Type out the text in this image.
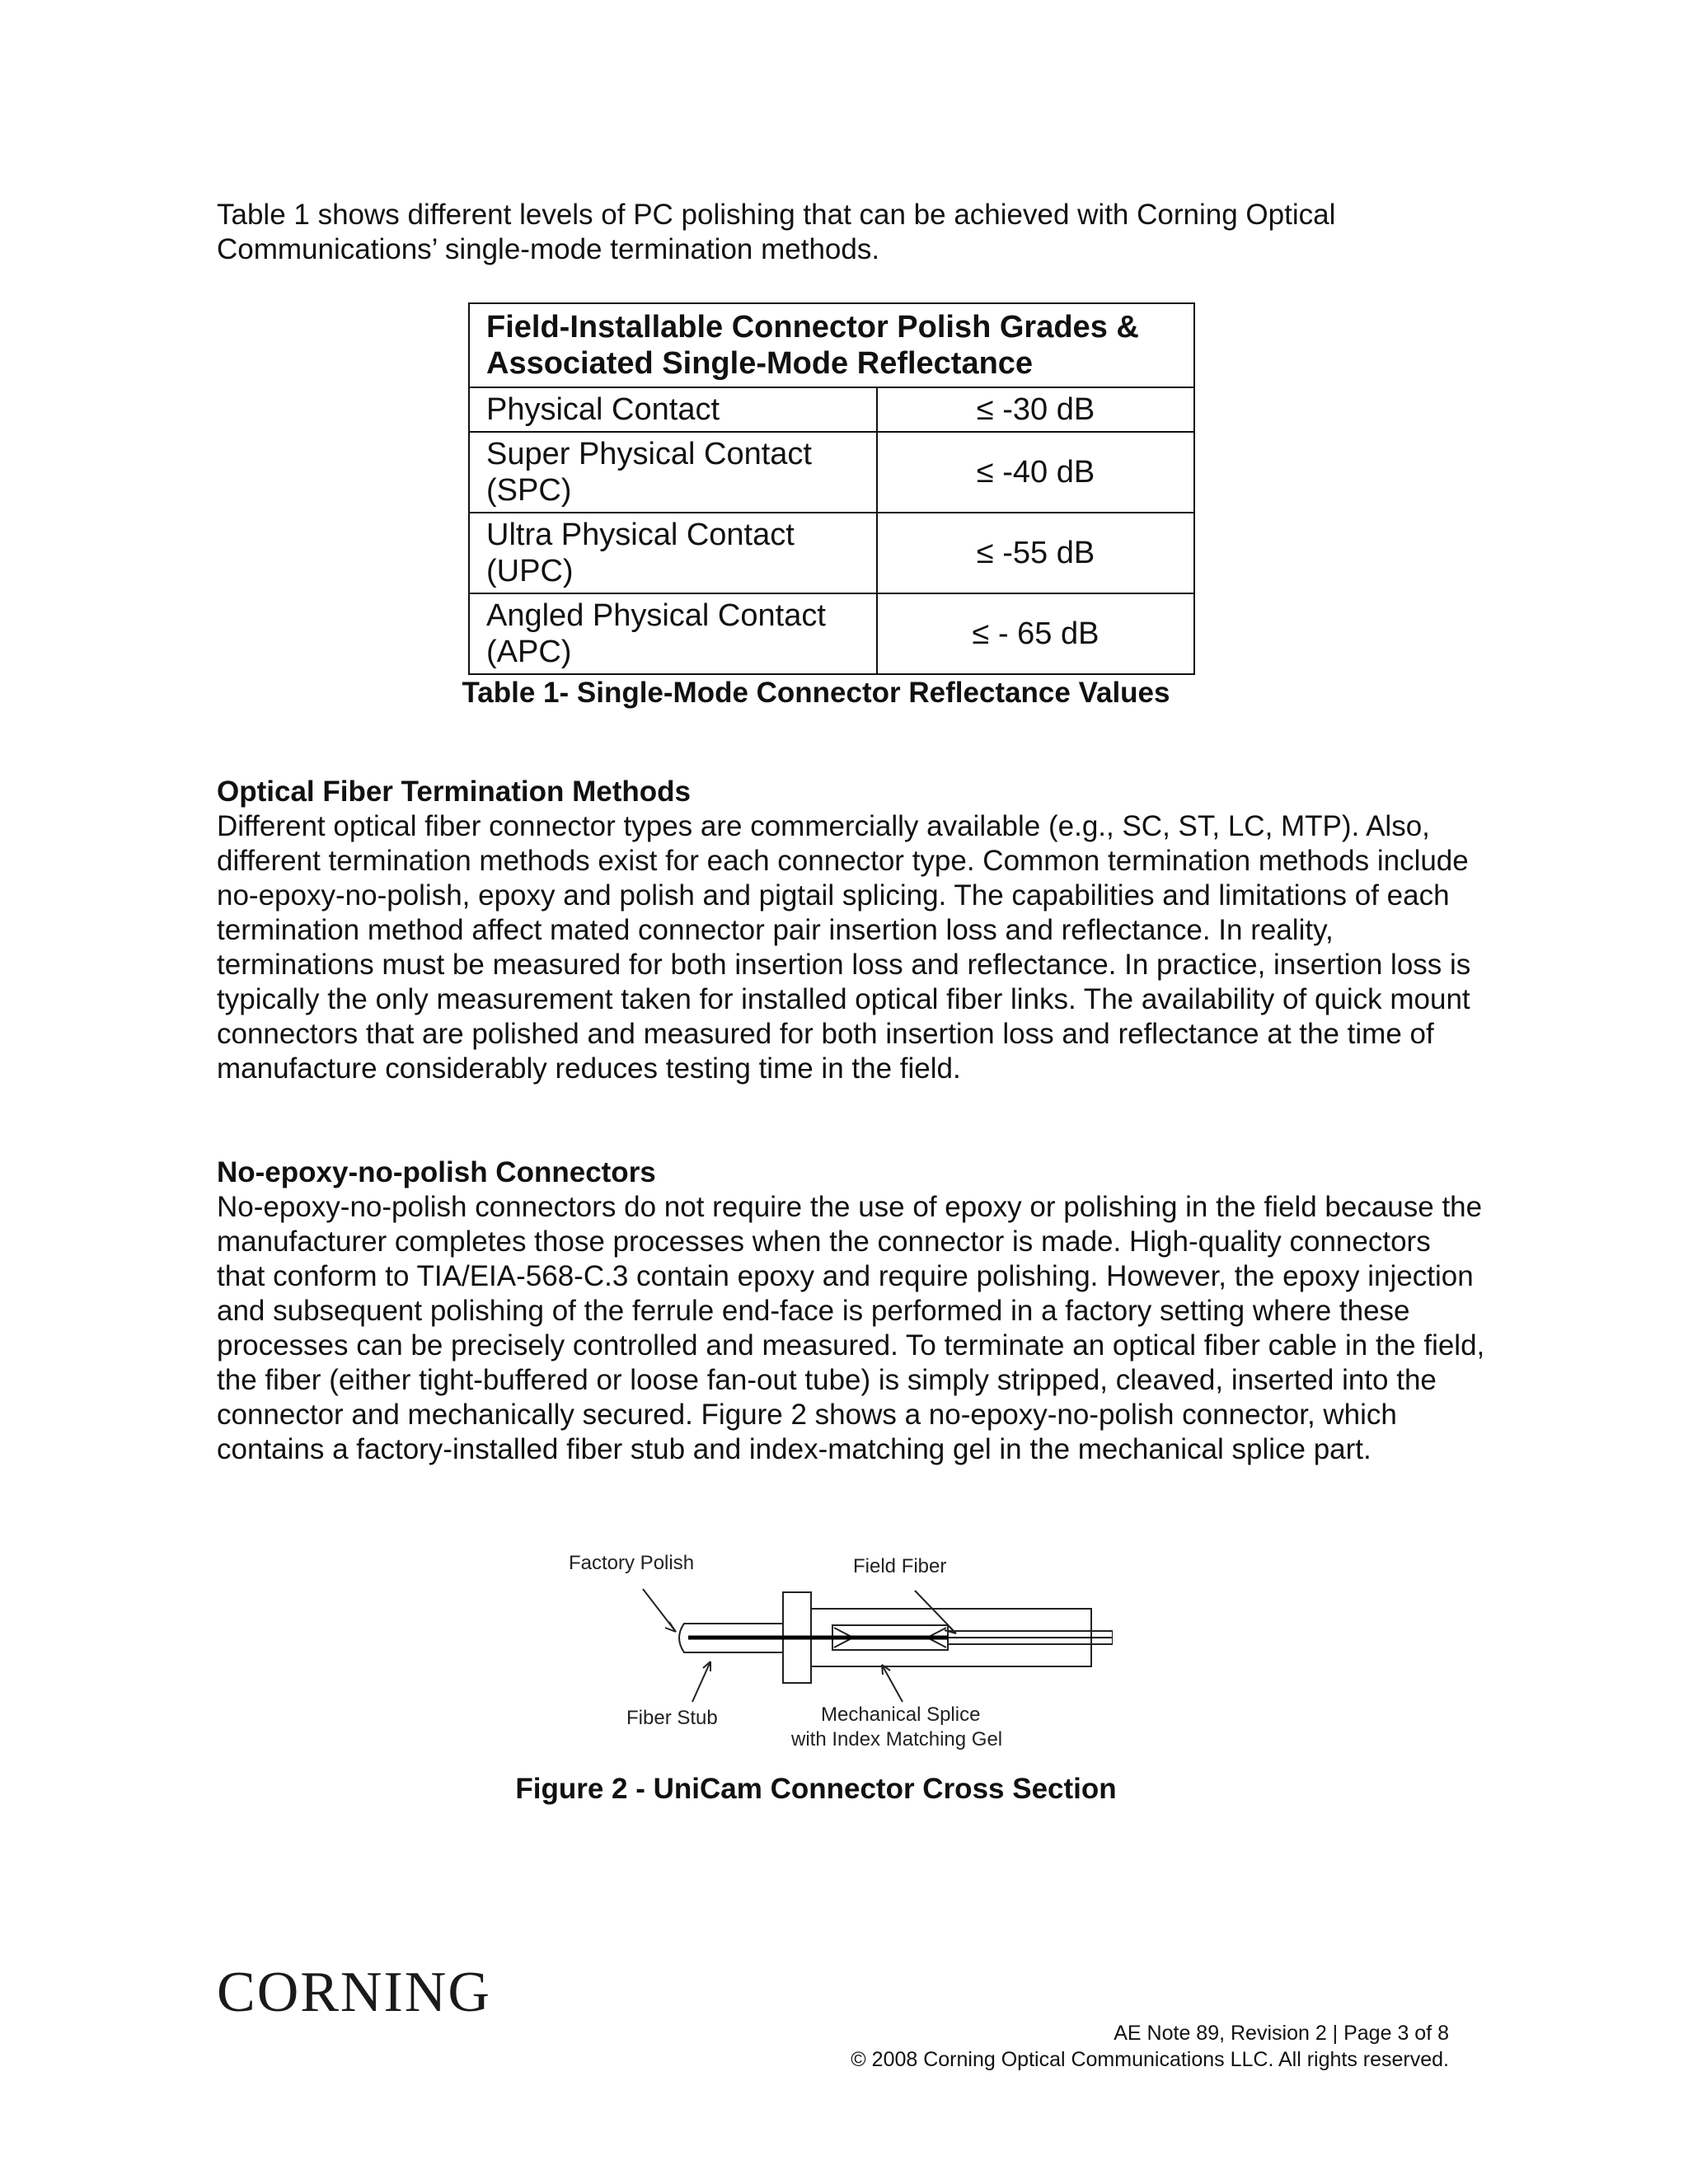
Table 1 shows different levels of PC polishing that can be achieved with Corning Optical Communications’ single-mode termination methods.

Field-Installable Connector Polish Grades & Associated Single-Mode Reflectance	
Physical Contact	≤ -30 dB
Super Physical Contact (SPC)	≤ -40 dB
Ultra Physical Contact (UPC)	≤ -55 dB
Angled Physical Contact (APC)	≤ - 65 dB

Table 1- Single-Mode Connector Reflectance Values

Optical Fiber Termination Methods
Different optical fiber connector types are commercially available (e.g., SC, ST, LC, MTP). Also, different termination methods exist for each connector type. Common termination methods include no-epoxy-no-polish, epoxy and polish and pigtail splicing. The capabilities and limitations of each termination method affect mated connector pair insertion loss and reflectance. In reality, terminations must be measured for both insertion loss and reflectance. In practice, insertion loss is typically the only measurement taken for installed optical fiber links. The availability of quick mount connectors that are polished and measured for both insertion loss and reflectance at the time of manufacture considerably reduces testing time in the field.
No-epoxy-no-polish Connectors
No-epoxy-no-polish connectors do not require the use of epoxy or polishing in the field because the manufacturer completes those processes when the connector is made. High-quality connectors that conform to TIA/EIA-568-C.3 contain epoxy and require polishing. However, the epoxy injection and subsequent polishing of the ferrule end-face is performed in a factory setting where these processes can be precisely controlled and measured. To terminate an optical fiber cable in the field, the fiber (either tight-buffered or loose fan-out tube) is simply stripped, cleaved, inserted into the connector and mechanically secured. Figure 2 shows a no-epoxy-no-polish connector, which contains a factory-installed fiber stub and index-matching gel in the mechanical splice part.
Factory Polish	Field Fiber
Fiber Stub	Mechanical Splice
with Index Matching Gel

Figure 2 - UniCam Connector Cross Section

CORNING

AE Note 89, Revision 2 | Page 3 of 8

© 2008 Corning Optical Communications LLC. All rights reserved.
